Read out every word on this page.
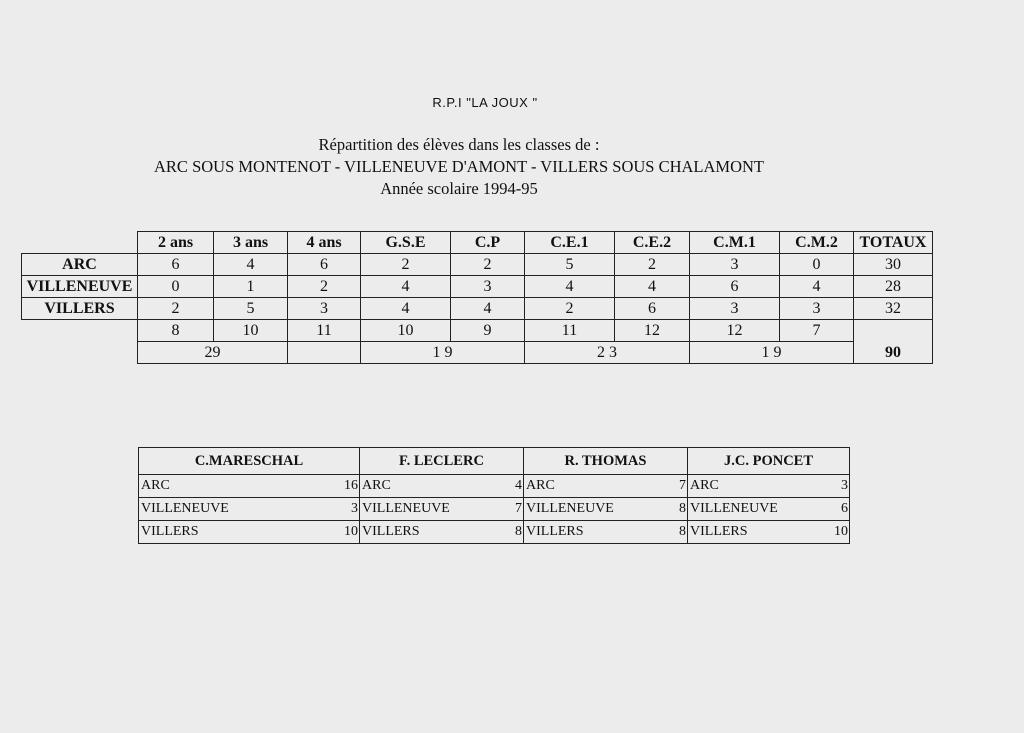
R.P.I "LA JOUX "
Répartition des élèves dans les classes de :
ARC SOUS MONTENOT - VILLENEUVE D'AMONT - VILLERS SOUS CHALAMONT
Année scolaire 1994-95
	2 ans	3 ans	4 ans	G.S.E	C.P	C.E.1	C.E.2	C.M.1	C.M.2	TOTAUX
ARC	6	4	6	2	2	5	2	3	0	30
VILLENEUVE	0	1	2	4	3	4	4	6	4	28
VILLERS	2	5	3	4	4	2	6	3	3	32
	8	10	11	10	9	11	12	12	7	90
	29			1 9		2 3		1 9		
C.MARESCHAL		F. LECLERC		R. THOMAS		J.C. PONCET	
ARC	16	ARC	4	ARC	7	ARC	3
VILLENEUVE	3	VILLENEUVE	7	VILLENEUVE	8	VILLENEUVE	6
VILLERS	10	VILLERS	8	VILLERS	8	VILLERS	10
